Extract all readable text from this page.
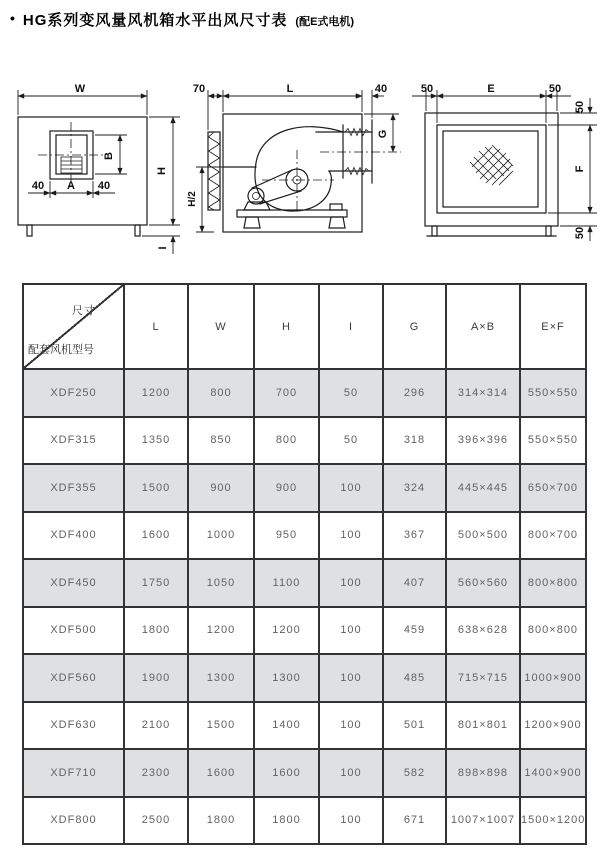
• HG系列变风量风机箱水平出风尺寸表 (配E式电机)
W
H
I
B
40 A 40
70	L	40
G
H/2
50	E	50
50
F
50
尺寸
配套风机型号	L	W	H	I	G	A×B	E×F
XDF250	1200	800	700	50	296	314×314	550×550
XDF315	1350	850	800	50	318	396×396	550×550
XDF355	1500	900	900	100	324	445×445	650×700
XDF400	1600	1000	950	100	367	500×500	800×700
XDF450	1750	1050	1100	100	407	560×560	800×800
XDF500	1800	1200	1200	100	459	638×628	800×800
XDF560	1900	1300	1300	100	485	715×715	1000×900
XDF630	2100	1500	1400	100	501	801×801	1200×900
XDF710	2300	1600	1600	100	582	898×898	1400×900
XDF800	2500	1800	1800	100	671	1007×1007	1500×1200
